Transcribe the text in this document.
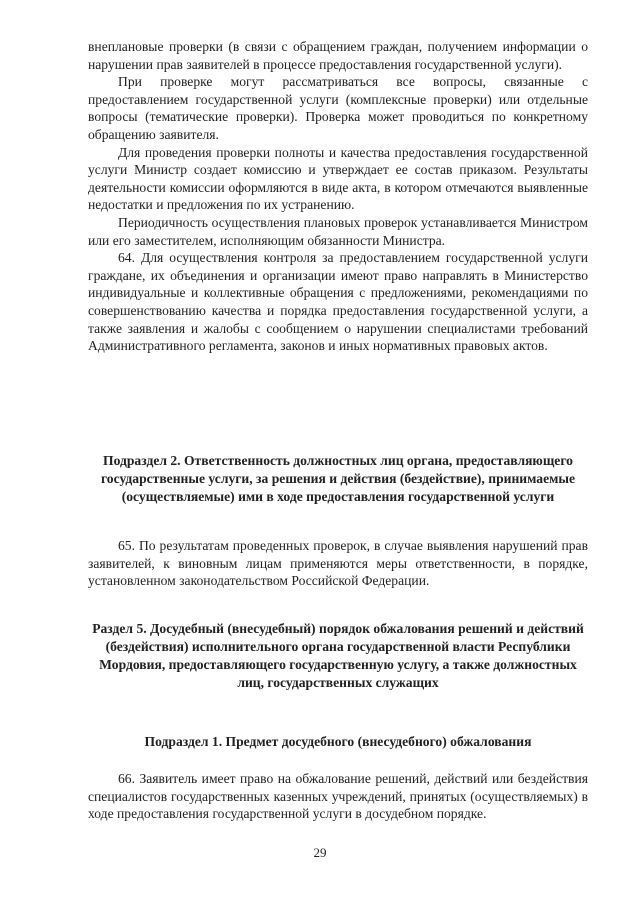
внеплановые проверки (в связи с обращением граждан, получением информации о нарушении прав заявителей в процессе предоставления государственной услуги).

При проверке могут рассматриваться все вопросы, связанные с предоставлением государственной услуги (комплексные проверки) или отдельные вопросы (тематические проверки). Проверка может проводиться по конкретному обращению заявителя.

Для проведения проверки полноты и качества предоставления государственной услуги Министр создает комиссию и утверждает ее состав приказом. Результаты деятельности комиссии оформляются в виде акта, в котором отмечаются выявленные недостатки и предложения по их устранению.

Периодичность осуществления плановых проверок устанавливается Министром или его заместителем, исполняющим обязанности Министра.

64. Для осуществления контроля за предоставлением государственной услуги граждане, их объединения и организации имеют право направлять в Министерство индивидуальные и коллективные обращения с предложениями, рекомендациями по совершенствованию качества и порядка предоставления государственной услуги, а также заявления и жалобы с сообщением о нарушении специалистами требований Административного регламента, законов и иных нормативных правовых актов.

Подраздел 2. Ответственность должностных лиц органа, предоставляющего государственные услуги, за решения и действия (бездействие), принимаемые (осуществляемые) ими в ходе предоставления государственной услуги

65. По результатам проведенных проверок, в случае выявления нарушений прав заявителей, к виновным лицам применяются меры ответственности, в порядке, установленном законодательством Российской Федерации.

Раздел 5. Досудебный (внесудебный) порядок обжалования решений и действий (бездействия) исполнительного органа государственной власти Республики Мордовия, предоставляющего государственную услугу, а также должностных лиц, государственных служащих
Подраздел 1. Предмет досудебного (внесудебного) обжалования

66. Заявитель имеет право на обжалование решений, действий или бездействия специалистов государственных казенных учреждений, принятых (осуществляемых) в ходе предоставления государственной услуги в досудебном порядке.

29
